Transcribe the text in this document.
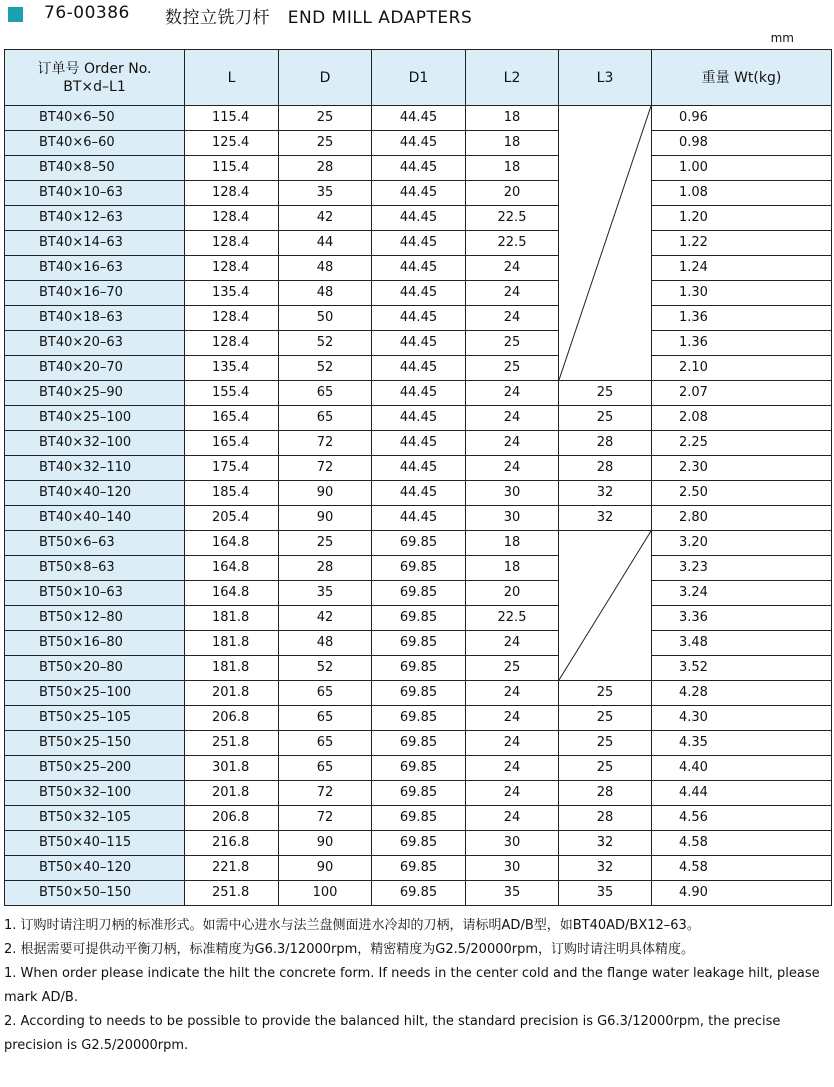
76-00386 数控立铣刀杆 END MILL ADAPTERS
mm
订单号 Order No.
BT×d–L1	L	D	D1	L2	L3	重量 Wt(kg)
BT40×6–50	115.4	25	44.45	18		0.96
BT40×6–60	125.4	25	44.45	18		0.98
BT40×8–50	115.4	28	44.45	18		1.00
BT40×10–63	128.4	35	44.45	20		1.08
BT40×12–63	128.4	42	44.45	22.5		1.20
BT40×14–63	128.4	44	44.45	22.5		1.22
BT40×16–63	128.4	48	44.45	24		1.24
BT40×16–70	135.4	48	44.45	24		1.30
BT40×18–63	128.4	50	44.45	24		1.36
BT40×20–63	128.4	52	44.45	25		1.36
BT40×20–70	135.4	52	44.45	25		2.10
BT40×25–90	155.4	65	44.45	24	25	2.07
BT40×25–100	165.4	65	44.45	24	25	2.08
BT40×32–100	165.4	72	44.45	24	28	2.25
BT40×32–110	175.4	72	44.45	24	28	2.30
BT40×40–120	185.4	90	44.45	30	32	2.50
BT40×40–140	205.4	90	44.45	30	32	2.80
BT50×6–63	164.8	25	69.85	18		3.20
BT50×8–63	164.8	28	69.85	18		3.23
BT50×10–63	164.8	35	69.85	20		3.24
BT50×12–80	181.8	42	69.85	22.5		3.36
BT50×16–80	181.8	48	69.85	24		3.48
BT50×20–80	181.8	52	69.85	25		3.52
BT50×25–100	201.8	65	69.85	24	25	4.28
BT50×25–105	206.8	65	69.85	24	25	4.30
BT50×25–150	251.8	65	69.85	24	25	4.35
BT50×25–200	301.8	65	69.85	24	25	4.40
BT50×32–100	201.8	72	69.85	24	28	4.44
BT50×32–105	206.8	72	69.85	24	28	4.56
BT50×40–115	216.8	90	69.85	30	32	4.58
BT50×40–120	221.8	90	69.85	30	32	4.58
BT50×50–150	251.8	100	69.85	35	35	4.90
1. 订购时请注明刀柄的标准形式。如需中心进水与法兰盘侧面进水冷却的刀柄，请标明AD/B型，如BT40AD/BX12–63。
2. 根据需要可提供动平衡刀柄，标准精度为G6.3/12000rpm，精密精度为G2.5/20000rpm，订购时请注明具体精度。
1. When order please indicate the hilt the concrete form. If needs in the center cold and the flange water leakage hilt, please mark AD/B.
2. According to needs to be possible to provide the balanced hilt, the standard precision is G6.3/12000rpm, the precise precision is G2.5/20000rpm.
